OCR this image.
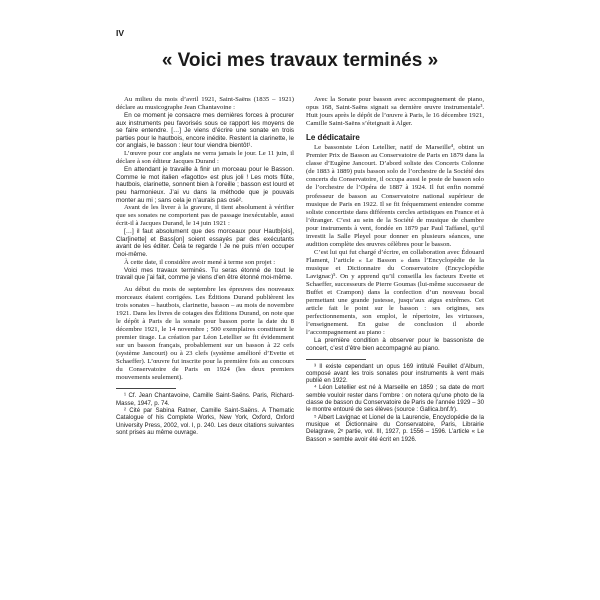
IV
« Voici mes travaux terminés »

Au milieu du mois d’avril 1921, Saint-Saëns (1835 – 1921) déclare au musicographe Jean Chantavoine :

En ce moment je consacre mes dernières forces à procurer aux instruments peu favorisés sous ce rapport les moyens de se faire entendre. […] Je viens d’écrire une sonate en trois parties pour le hautbois, encore inédite. Restent la clarinette, le cor anglais, le basson : leur tour viendra bientôt¹.

L’œuvre pour cor anglais ne verra jamais le jour. Le 11 juin, il déclare à son éditeur Jacques Durand :

En attendant je travaille à finir un morceau pour le Basson. Comme le mot italien «fagotto» est plus joli ! Les mots flûte, hautbois, clarinette, sonnent bien à l’oreille ; basson est lourd et peu harmonieux. J’ai vu dans la méthode que je pouvais monter au mi ; sans cela je n’aurais pas osé².

Avant de les livrer à la gravure, il tient absolument à vérifier que ses sonates ne comportent pas de passage inexécutable, aussi écrit-il à Jacques Durand, le 14 juin 1921 :

[…] il faut absolument que des morceaux pour Hautb[ois], Clar[inette] et Bass[on] soient essayés par des exécutants avant de les éditer. Cela te regarde ! Je ne puis m’en occuper moi-même.

À cette date, il considère avoir mené à terme son projet :

Voici mes travaux terminés. Tu seras étonné de tout le travail que j’ai fait, comme je viens d’en être étonné moi-même.

Au début du mois de septembre les épreuves des nouveaux morceaux étaient corrigées. Les Éditions Durand publièrent les trois sonates – hautbois, clarinette, basson – au mois de novembre 1921. Dans les livres de cotages des Éditions Durand, on note que le dépôt à Paris de la sonate pour basson porte la date du 8 décembre 1921, le 14 novembre ; 500 exemplaires constituent le premier tirage. La création par Léon Letellier se fit évidemment sur un basson français, probablement sur un basson à 22 cefs (système Jancourt) ou à 23 clefs (système amélioré d’Evette et Schaeffer). L’œuvre fut inscrite pour la première fois au concours du Conservatoire de Paris en 1924 (les deux premiers mouvements seulement).

¹ Cf. Jean Chantavoine, Camille Saint-Saëns. Paris, Richard-Masse, 1947, p. 74.

² Cité par Sabina Ratner, Camille Saint-Saëns. A Thematic Catalogue of his Complete Works, New York, Oxford, Oxford University Press, 2002, vol. I, p. 240. Les deux citations suivantes sont prises au même ouvrage.

Avec la Sonate pour basson avec accompagnement de piano, opus 168, Saint-Saëns signait sa dernière œuvre instrumentale³. Huit jours après le dépôt de l’œuvre à Paris, le 16 décembre 1921, Camille Saint-Saëns s’éteignait à Alger.

Le dédicataire

Le bassoniste Léon Letellier, natif de Marseille⁴, obtint un Premier Prix de Basson au Conservatoire de Paris en 1879 dans la classe d’Eugène Jancourt. D’abord soliste des Concerts Colonne (de 1883 à 1889) puis basson solo de l’orchestre de la Société des concerts du Conservatoire, il occupa aussi le poste de basson solo de l’orchestre de l’Opéra de 1887 à 1924. Il fut enfin nommé professeur de basson au Conservatoire national supérieur de musique de Paris en 1922. Il se fit fréquemment entendre comme soliste concertiste dans différents cercles artistiques en France et à l’étranger. C’est au sein de la Société de musique de chambre pour instruments à vent, fondée en 1879 par Paul Taffanel, qu’il investit la Salle Pleyel pour donner en plusieurs séances, une audition complète des œuvres célèbres pour le basson.

C’est lui qui fut chargé d’écrire, en collaboration avec Édouard Flament, l’article « Le Basson » dans l’Encyclopédie de la musique et Dictionnaire du Conservatoire (Encyclopédie Lavignac)⁵. On y apprend qu’il conseilla les facteurs Evette et Schaeffer, successeurs de Pierre Goumas (lui-même successeur de Buffet et Crampon) dans la confection d’un nouveau bocal permettant une grande justesse, jusqu’aux aigus extrêmes. Cet article fait le point sur le basson : ses origines, ses perfectionnements, son emploi, le répertoire, les virtuoses, l’enseignement. En guise de conclusion il aborde l’accompagnement au piano :

La première condition à observer pour le bassoniste de concert, c’est d’être bien accompagné au piano.

³ Il existe cependant un opus 169 intitulé Feuillet d’Album, composé avant les trois sonates pour instruments à vent mais publié en 1922.

⁴ Léon Letellier est né à Marseille en 1859 ; sa date de mort semble vouloir rester dans l’ombre : on notera qu’une photo de la classe de basson du Conservatoire de Paris de l’année 1929 – 30 le montre entouré de ses élèves (source : Gallica.bnf.fr).

⁵ Albert Lavignac et Lionel de la Laurencie, Encyclopédie de la musique et Dictionnaire du Conservatoire, Paris, Librairie Delagrave, 2ᵉ partie, vol. III, 1927, p. 1556 – 1596. L’article « Le Basson » semble avoir été écrit en 1926.
